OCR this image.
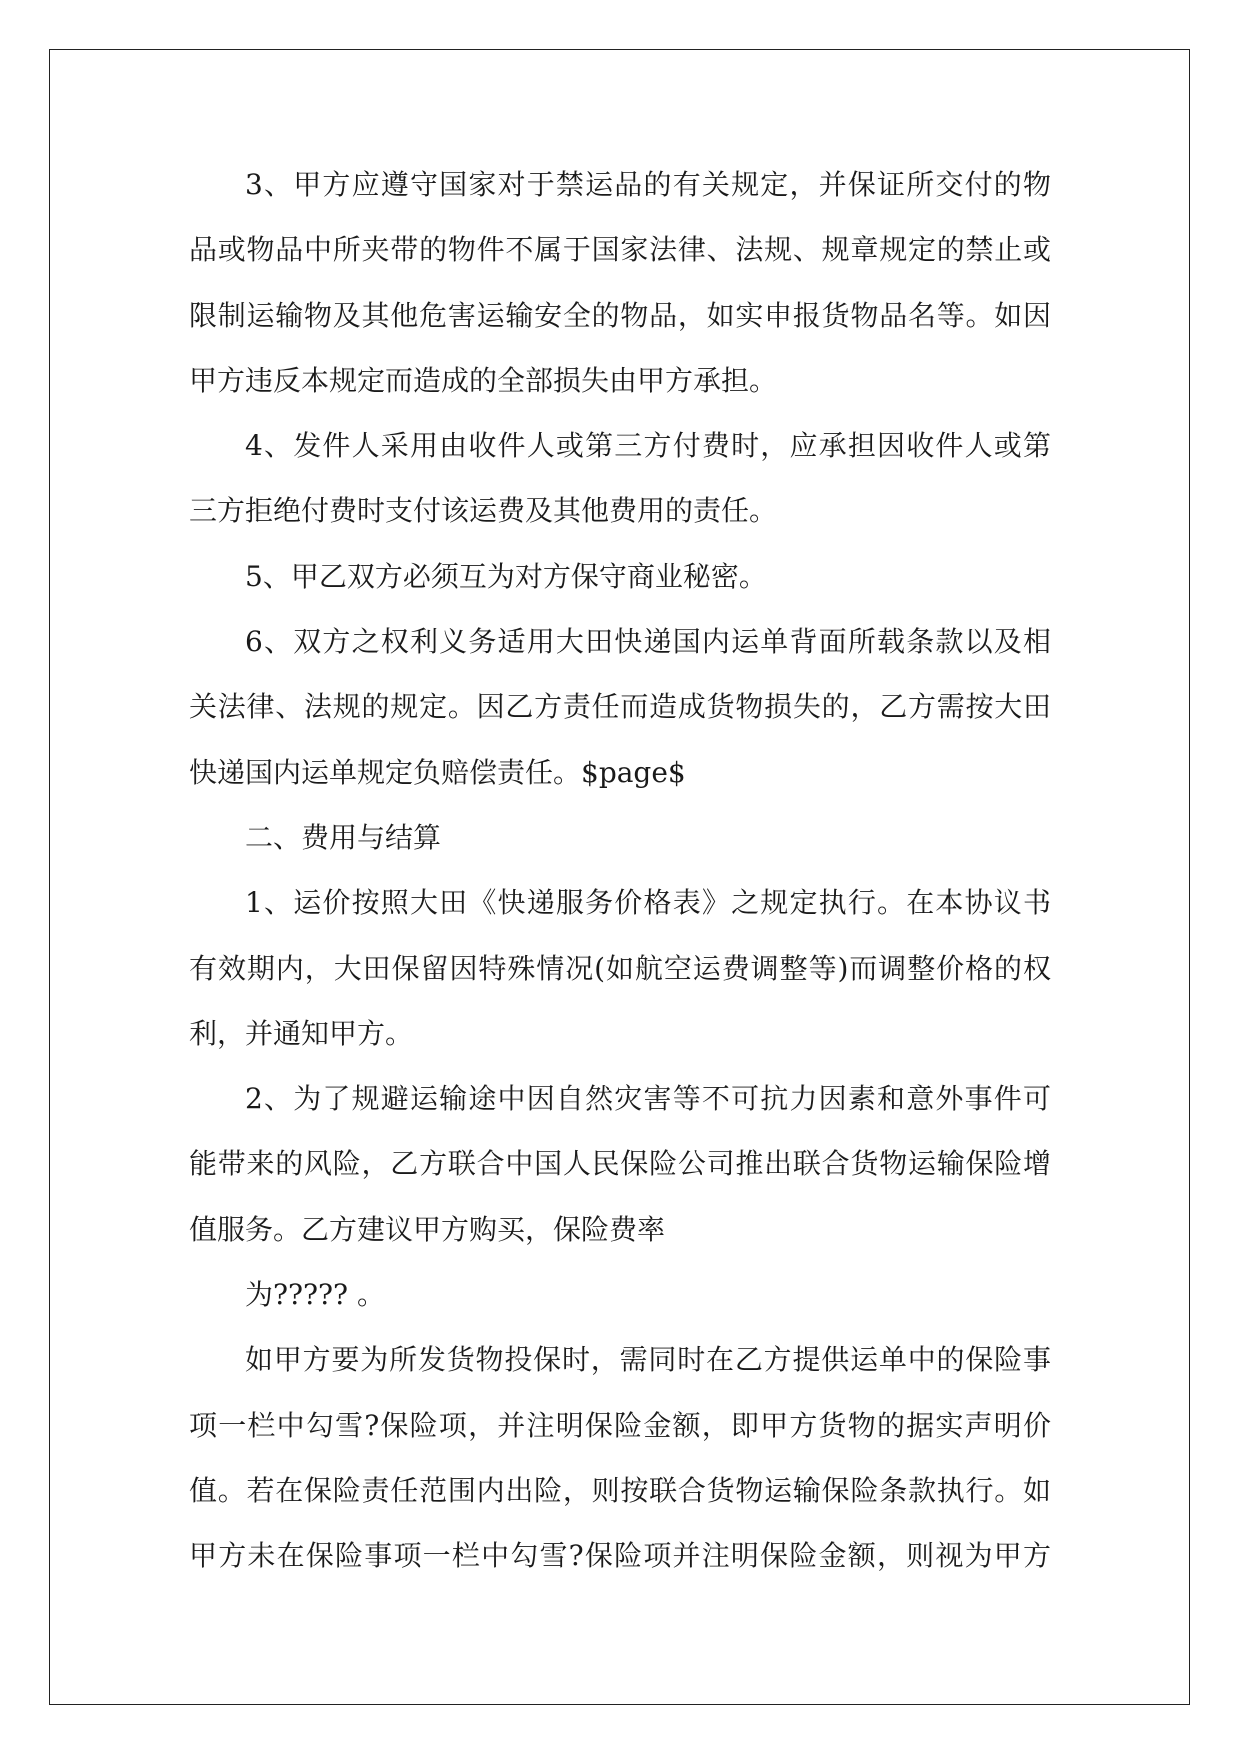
3、甲方应遵守国家对于禁运品的有关规定，并保证所交付的物
品或物品中所夹带的物件不属于国家法律、法规、规章规定的禁止或
限制运输物及其他危害运输安全的物品，如实申报货物品名等。如因
甲方违反本规定而造成的全部损失由甲方承担。
4、发件人采用由收件人或第三方付费时，应承担因收件人或第
三方拒绝付费时支付该运费及其他费用的责任。
5、甲乙双方必须互为对方保守商业秘密。
6、双方之权利义务适用大田快递国内运单背面所载条款以及相
关法律、法规的规定。因乙方责任而造成货物损失的，乙方需按大田
快递国内运单规定负赔偿责任。$page$
二、费用与结算
1、运价按照大田《快递服务价格表》之规定执行。在本协议书
有效期内，大田保留因特殊情况(如航空运费调整等)而调整价格的权
利，并通知甲方。
2、为了规避运输途中因自然灾害等不可抗力因素和意外事件可
能带来的风险，乙方联合中国人民保险公司推出联合货物运输保险增
值服务。乙方建议甲方购买，保险费率
为????? 。
如甲方要为所发货物投保时，需同时在乙方提供运单中的保险事
项一栏中勾雪?保险项，并注明保险金额，即甲方货物的据实声明价
值。若在保险责任范围内出险，则按联合货物运输保险条款执行。如
甲方未在保险事项一栏中勾雪?保险项并注明保险金额，则视为甲方
